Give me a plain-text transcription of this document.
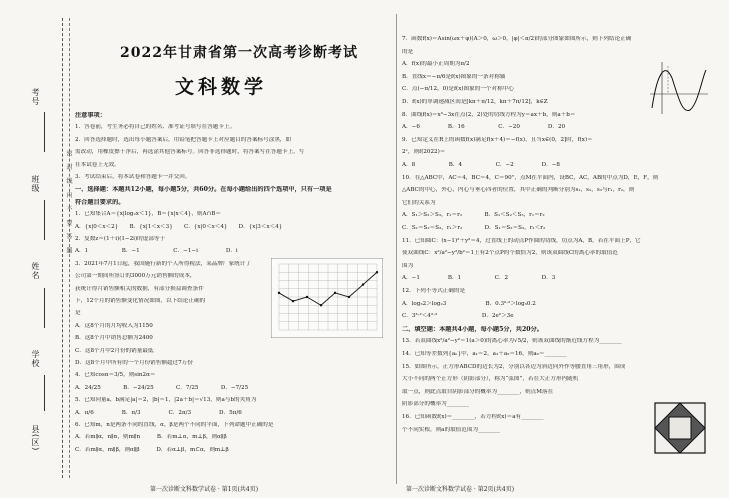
考号
班级
姓名
学校
县(区)
密 封 线 内 不 要 答 题
2022年甘肃省第一次高考诊断考试
文科数学
注意事项：
1．答卷前，考生务必将自己的姓名、准考证号填写在答题卡上。
2．回答选择题时，选出每小题答案后，用铅笔把答题卡上对应题目的答案标号涂黑，如
需改动，用橡皮擦干净后，再选涂其他答案标号。回答非选择题时，将答案写在答题卡上，写
在本试卷上无效。
3．考试结束后，将本试卷和答题卡一并交回。
一、选择题：本题共12小题，每小题5分，共60分。在每小题给出的四个选项中，只有一项是
符合题目要求的。
1．已知集合A＝{x|log₂x＜1}，B＝{x|x＜4}，则A∩B＝
A．{x|0＜x＜2}　　B．{x|1＜x＜3}　　C．{x|0＜x＜4}　　D．{x|3＜x＜4}
2．复数z＝(1＋i)(1−2i)的虚部等于
A．1　　　　　　B．−1　　　　　　C．−1−i　　　　　D．i
3．2021年7月1日起，我国施行新的个人所得税法，某品牌厂家统计了
公司第一期间所签订的3000万元销售额的成本，
获统计得月销售额相关的数据，有部分损益调查条件
下，12个月的销售额变化情况如图，以下结论正确的
是
A．这8个月的月均收入为1150
B．这8个月中销售总额为2400
C．这8个月中2月份的销量最低
D．这8个月中所有的一个月份销售额超过7万份
4．已知cosα＝3/5，则sin2α＝
A．24/25　　　　B．−24/25　　　　C．7/25　　　　D．−7/25
5．已知向量a，b满足|a|＝2，|b|＝1，|2a＋b|＝√13，则a与b的夹角为
A．π/6　　　　　B．π/3　　　　　C．2π/3　　　　　D．5π/6
6．已知m，n是两条不同的直线，α，β是两个不同的平面，下列命题中正确的是
A．若m∥α，n∥α，则m∥n　　　B．若m⊥α，m⊥β，则α∥β
C．若m∥α，m∥β，则α∥β　　　D．若α⊥β，m⊂α，则m⊥β
第一次诊断文科数学试卷 · 第1页(共4页)
7．函数f(x)＝Asin(ωx＋φ)(A＞0，ω＞0，|φ|＜π/2)的部分图象如图所示，则下列结论正确
的是
A．f(x)的最小正周期为π/2
B．直线x＝−π/6是f(x)图象的一条对称轴
C．点(−π/12，0)是f(x)图象的一个对称中心
D．f(x)的单调递减区间是[kπ＋π/12，kπ＋7π/12]，k∈Z
8．曲线f(x)＝x³−3x在点(2，2)处的切线方程为y＝ax＋b，则a＋b＝
A．−6　　　　　B．16　　　　　　C．−20　　　　　D．20
9．已知定义在R上的函数f(x)满足f(x＋4)＝−f(x)，且当x∈(0，2]时，f(x)＝
2ˣ，则f(2022)＝
A．8　　　　　　B．4　　　　　　C．−2　　　　　D．−8
10．在△ABC中，AC＝4，BC＝4，C＝90°，点M在平面内，设BC，AC，AB的中点为D，E，F，则
△ABC的中心，外心，内心与垂心四者的位置，其中正确的判断分别为s₁，s₂，s₃与r₁，r₂，则
它们的关系为
A．S₁＞S₂＞S₃，r₁＝r₂　　　　B．S₁＜S₂＜S₃，r₁＝r₂
C．S₁＝S₂＝S₃，r₁＞r₂　　　　D．S₁＝S₂＝S₃，r₁＜r₂
11．已知圆C：(x−1)²＋y²＝4，过直线上的动点P作圆的切线，切点为A，B，若在平面上P，它
使双曲线C：x²/a²−y²/b²＝1上有2个点P的个数恰为2，则该双曲线C的离心率的取值范
围为
A．−1　　　　　B．1　　　　　　C．2　　　　　　D．3
12．下列不等式正确的是
A．log₃2＞log₂3　　　　　　　B．0.3⁰·²＞log₃0.2
C．3³·²＜4²·³　　　　　　　　D．2e²＞3e
二、填空题：本题共4小题，每小题5分，共20分。
13．若双曲线x²/a²−y²＝1(a＞0)的离心率为√5/2，则该双曲线的渐近线方程为________
14．已知等差数列{aₙ}中，a₁＝2，a₃＋a₅＝16，则a₆＝________
15．如图所示，正方形ABCD的边长为2，分别以各边为斜边向外作等腰直角三角形，围成
大小不同的两个正方形（阴影部分），称为“弦图”，若在大正方形内随机
取一点，则此点取自阴影部分的概率为________，则点M落在
阴影部分的概率为________
16．已知函数f(x)＝________，若方程f(x)＝a有________
个不同实根，则a的取值范围为________
第一次诊断文科数学试卷 · 第2页(共4页)
